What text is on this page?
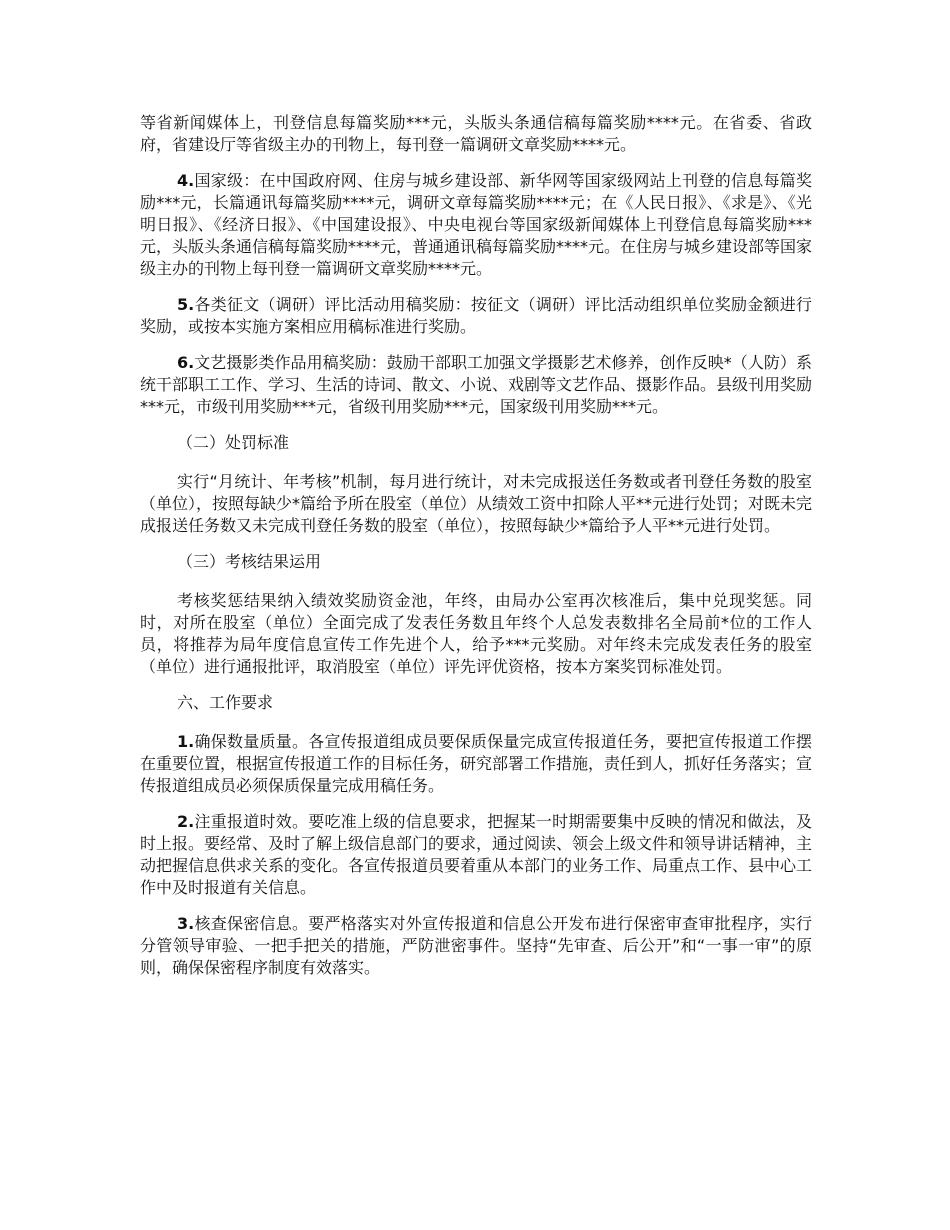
等省新闻媒体上，刊登信息每篇奖励***元，头版头条通信稿每篇奖励****元。在省委、省政府，省建设厅等省级主办的刊物上，每刊登一篇调研文章奖励****元。

4.国家级：在中国政府网、住房与城乡建设部、新华网等国家级网站上刊登的信息每篇奖励***元，长篇通讯每篇奖励****元，调研文章每篇奖励****元；在《人民日报》、《求是》、《光明日报》、《经济日报》、《中国建设报》、中央电视台等国家级新闻媒体上刊登信息每篇奖励***元，头版头条通信稿每篇奖励****元，普通通讯稿每篇奖励****元。在住房与城乡建设部等国家级主办的刊物上每刊登一篇调研文章奖励****元。

5.各类征文（调研）评比活动用稿奖励：按征文（调研）评比活动组织单位奖励金额进行奖励，或按本实施方案相应用稿标准进行奖励。

6.文艺摄影类作品用稿奖励：鼓励干部职工加强文学摄影艺术修养，创作反映*（人防）系统干部职工工作、学习、生活的诗词、散文、小说、戏剧等文艺作品、摄影作品。县级刊用奖励***元，市级刊用奖励***元，省级刊用奖励***元，国家级刊用奖励***元。

（二）处罚标准

实行“月统计、年考核”机制，每月进行统计，对未完成报送任务数或者刊登任务数的股室（单位），按照每缺少*篇给予所在股室（单位）从绩效工资中扣除人平**元进行处罚；对既未完成报送任务数又未完成刊登任务数的股室（单位），按照每缺少*篇给予人平**元进行处罚。

（三）考核结果运用

考核奖惩结果纳入绩效奖励资金池，年终，由局办公室再次核准后，集中兑现奖惩。同时，对所在股室（单位）全面完成了发表任务数且年终个人总发表数排名全局前*位的工作人员，将推荐为局年度信息宣传工作先进个人，给予***元奖励。对年终未完成发表任务的股室（单位）进行通报批评，取消股室（单位）评先评优资格，按本方案奖罚标准处罚。

六、工作要求

1.确保数量质量。各宣传报道组成员要保质保量完成宣传报道任务，要把宣传报道工作摆在重要位置，根据宣传报道工作的目标任务，研究部署工作措施，责任到人，抓好任务落实；宣传报道组成员必须保质保量完成用稿任务。

2.注重报道时效。要吃准上级的信息要求，把握某一时期需要集中反映的情况和做法，及时上报。要经常、及时了解上级信息部门的要求，通过阅读、领会上级文件和领导讲话精神，主动把握信息供求关系的变化。各宣传报道员要着重从本部门的业务工作、局重点工作、县中心工作中及时报道有关信息。

3.核查保密信息。要严格落实对外宣传报道和信息公开发布进行保密审查审批程序，实行分管领导审验、一把手把关的措施，严防泄密事件。坚持“先审查、后公开”和“一事一审”的原则，确保保密程序制度有效落实。
